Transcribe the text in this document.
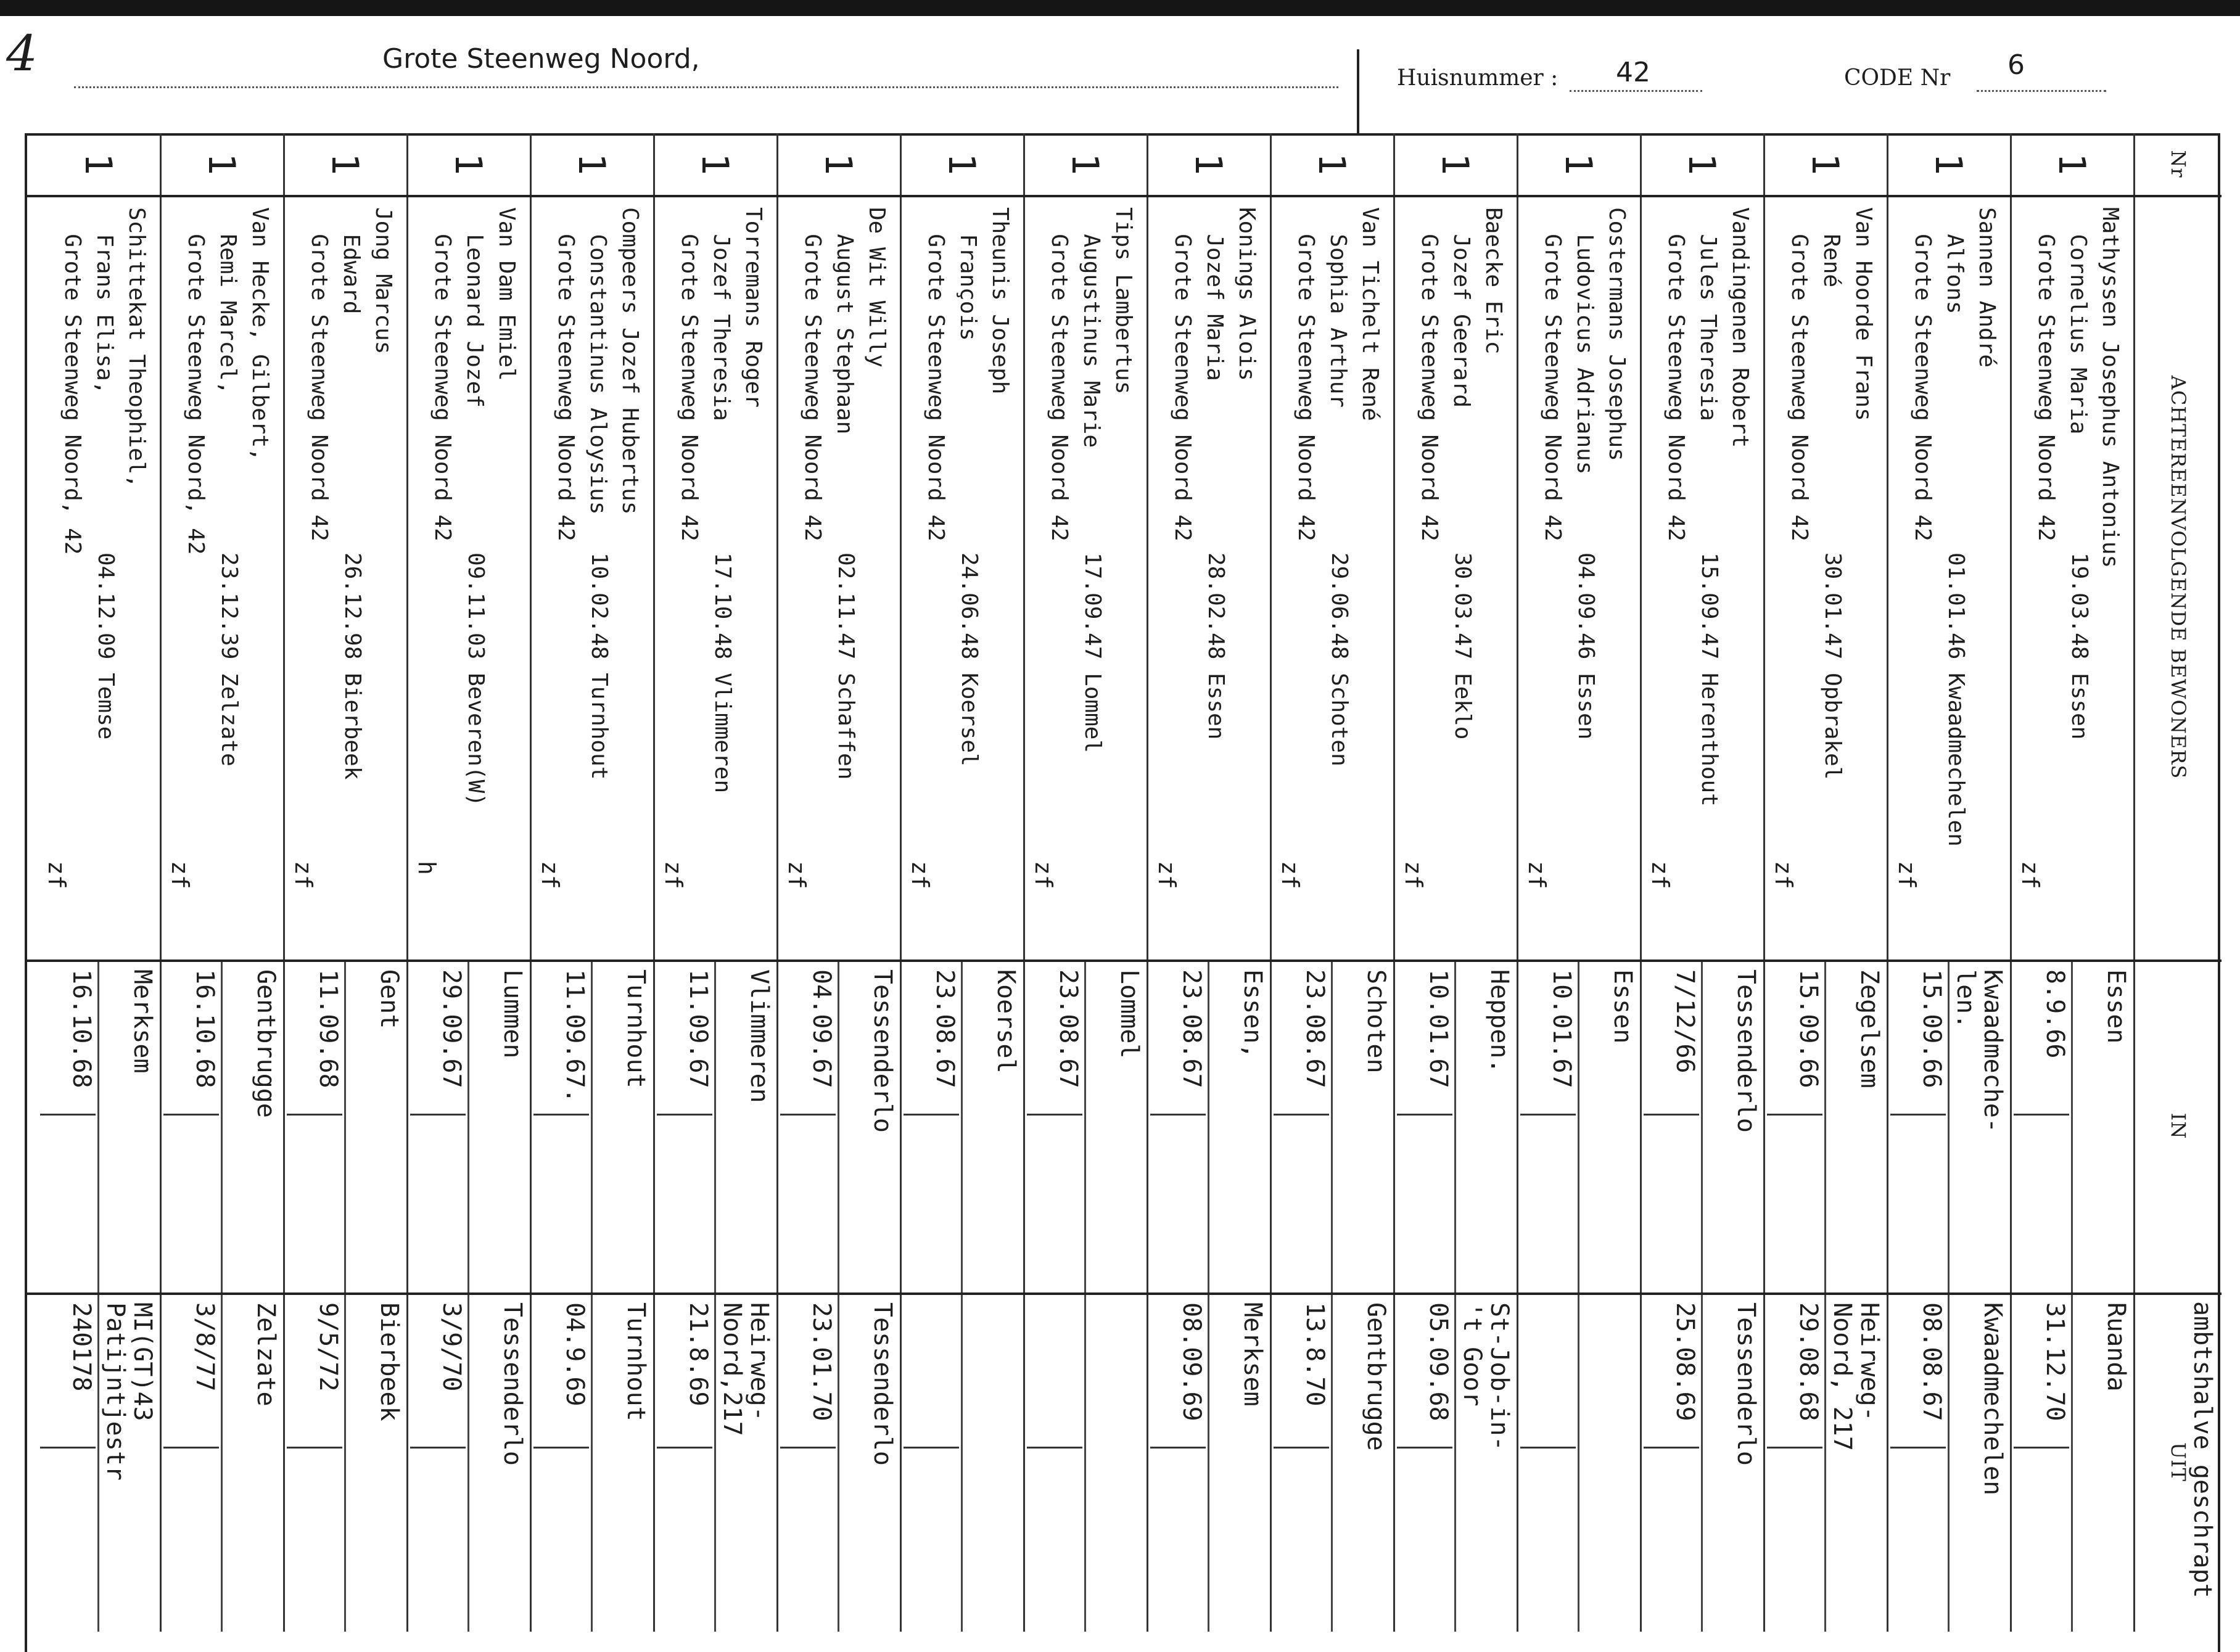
4	Grote Steenweg Noord,
Huisnummer : 42	CODE Nr 6
Nr
ACHTEREENVOLGENDE BEWONERS
IN
UIT
ambtshalve geschrapt
1
Mathyssen Josephus Antonius
Cornelius Maria
Grote Steenweg Noord 42
19.03.48 Essen
zf
Essen
8.9.66
Ruanda
31.12.70
1
Sannen André
Alfons
Grote Steenweg Noord 42
01.01.46 Kwaadmechelen
zf
Kwaadmeche-
len.
15.09.66
Kwaadmechelen
08.08.67
1
Van Hoorde Frans
René
Grote Steenweg Noord 42
30.01.47 Opbrakel
zf
Zegelsem
15.09.66
Heirweg-
Noord, 217
29.08.68
1
Vandingenen Robert
Jules Theresia
Grote Steenweg Noord 42
15.09.47 Herenthout
zf
Tessenderlo
7/12/66
Tessenderlo
25.08.69
1
Costermans Josephus
Ludovicus Adrianus
Grote Steenweg Noord 42
04.09.46 Essen
zf
Essen
10.01.67
1
Baecke Eric
Jozef Geerard
Grote Steenweg Noord 42
30.03.47 Eeklo
zf
Heppen.
10.01.67
St-Job-in-
't Goor
05.09.68
1
Van Tichelt René
Sophia Arthur
Grote Steenweg Noord 42
29.06.48 Schoten
zf
Schoten
23.08.67
Gentbrugge
13.8.70
1
Konings Alois
Jozef Maria
Grote Steenweg Noord 42
28.02.48 Essen
zf
Essen,
23.08.67
Merksem
08.09.69
1
Tips Lambertus
Augustinus Marie
Grote Steenweg Noord 42
17.09.47 Lommel
zf
Lommel
23.08.67
1
Theunis Joseph
François
Grote Steenweg Noord 42
24.06.48 Koersel
zf
Koersel
23.08.67
1
De Wit Willy
August Stephaan
Grote Steenweg Noord 42
02.11.47 Schaffen
zf
Tessenderlo
04.09.67
Tessenderlo
23.01.70
1
Torremans Roger
Jozef Theresia
Grote Steenweg Noord 42
17.10.48 Vlimmeren
zf
Vlimmeren
11.09.67
Heirweg-
Noord,217
21.8.69
1
Compeers Jozef Hubertus
Constantinus Aloysius
Grote Steenweg Noord 42
10.02.48 Turnhout
zf
Turnhout
11.09.67.
Turnhout
04.9.69
1
Van Dam Emiel
Leonard Jozef
Grote Steenweg Noord 42
09.11.03 Beveren(W)
h
Lummen
29.09.67
Tessenderlo
3/9/70
1
Jong Marcus
Edward
Grote Steenweg Noord 42
26.12.98 Bierbeek
zf
Gent
11.09.68
Bierbeek
9/5/72
1
Van Hecke, Gilbert,
Remi Marcel,
Grote Steenweg Noord, 42
23.12.39 Zelzate
zf
Gentbrugge
16.10.68
Zelzate
3/8/77
1
Schittekat Theophiel,
Frans Elisa,
Grote Steenweg Noord, 42
04.12.09 Temse
zf
Merksem
16.10.68
MI(GT)43
Patijntjestr
240178
